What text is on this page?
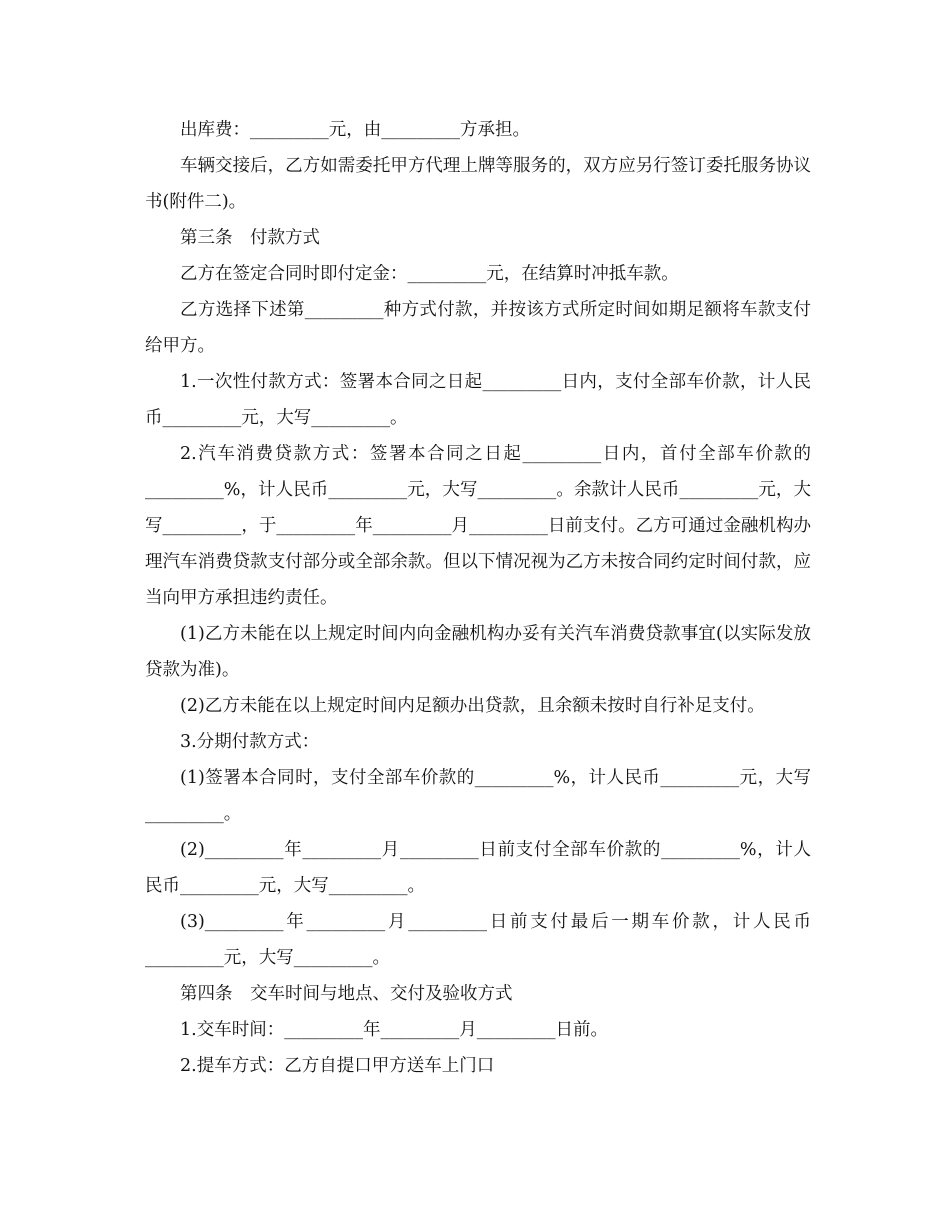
出库费：_________元，由_________方承担。

车辆交接后，乙方如需委托甲方代理上牌等服务的，双方应另行签订委托服务协议书(附件二)。

第三条　付款方式

乙方在签定合同时即付定金：_________元，在结算时冲抵车款。

乙方选择下述第_________种方式付款，并按该方式所定时间如期足额将车款支付给甲方。

1.一次性付款方式：签署本合同之日起_________日内，支付全部车价款，计人民币_________元，大写_________。

2.汽车消费贷款方式：签署本合同之日起_________日内，首付全部车价款的_________%，计人民币_________元，大写_________。余款计人民币_________元，大写_________，于_________年_________月_________日前支付。乙方可通过金融机构办理汽车消费贷款支付部分或全部余款。但以下情况视为乙方未按合同约定时间付款，应当向甲方承担违约责任。

(1)乙方未能在以上规定时间内向金融机构办妥有关汽车消费贷款事宜(以实际发放贷款为准)。

(2)乙方未能在以上规定时间内足额办出贷款，且余额未按时自行补足支付。

3.分期付款方式：

(1)签署本合同时，支付全部车价款的_________%，计人民币_________元，大写_________。

(2)_________年_________月_________日前支付全部车价款的_________%，计人民币_________元，大写_________。

(3)_________年_________月_________日前支付最后一期车价款，计人民币_________元，大写_________。

第四条　交车时间与地点、交付及验收方式

1.交车时间：_________年_________月_________日前。

2.提车方式：乙方自提口甲方送车上门口
